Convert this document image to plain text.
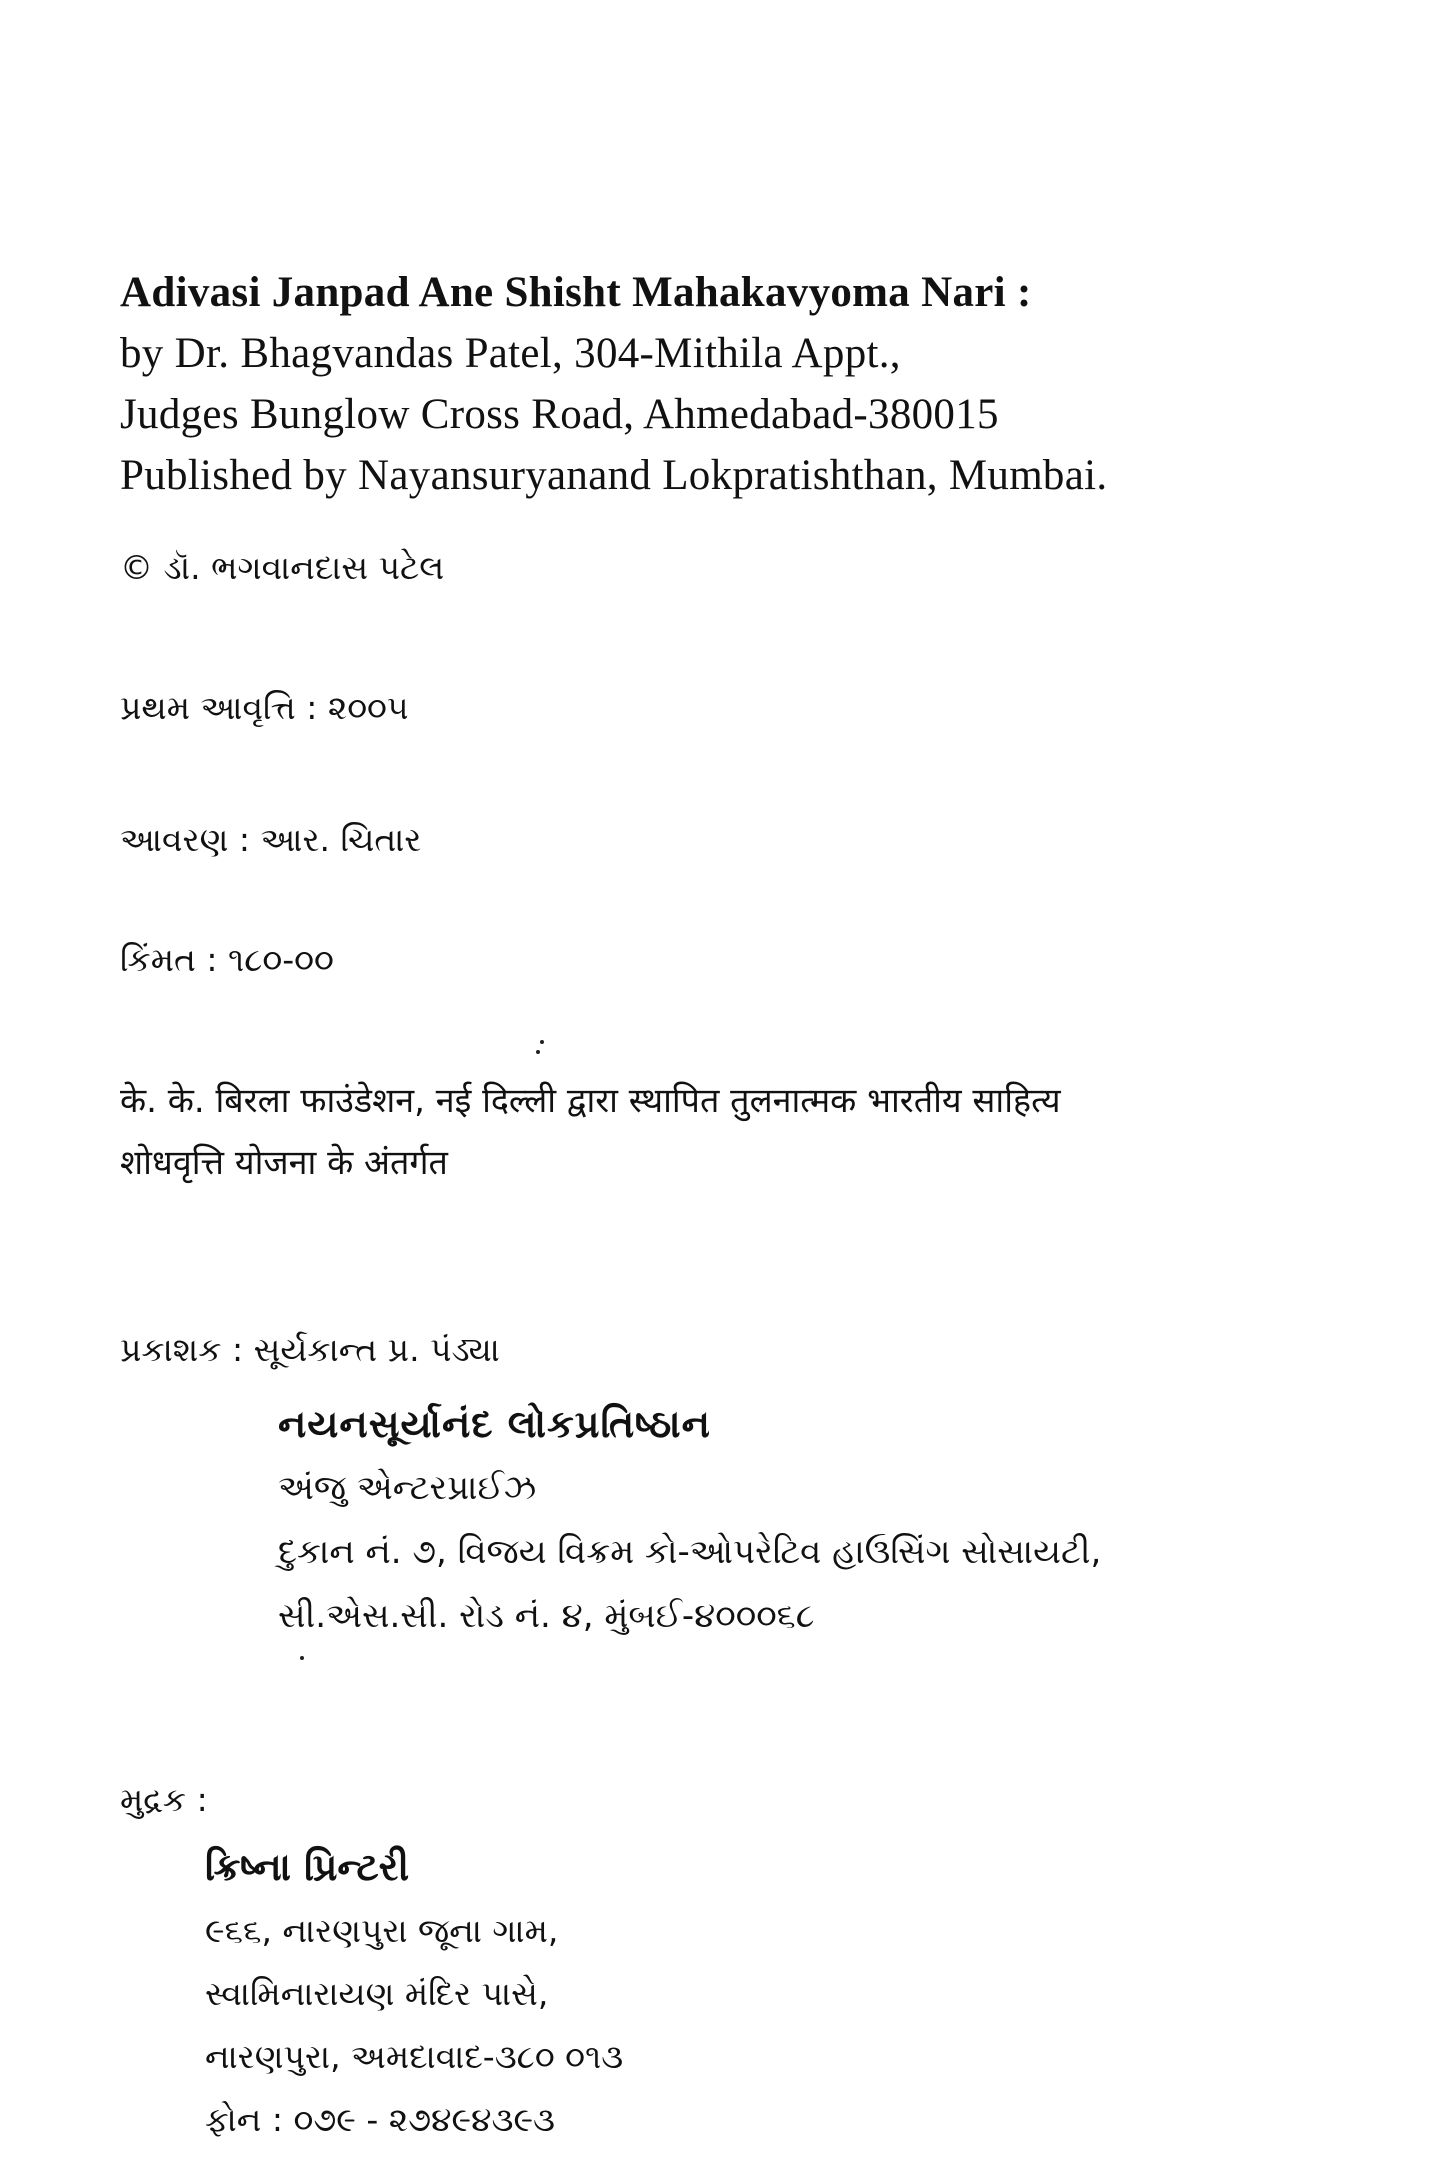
Adivasi Janpad Ane Shisht Mahakavyoma Nari :
by Dr. Bhagvandas Patel, 304-Mithila Appt.,
Judges Bunglow Cross Road, Ahmedabad-380015
Published by Nayansuryanand Lokpratishthan, Mumbai.
© ડૉ. ભગવાનદાસ પટેલ
પ્રથમ આવૃત્તિ : ૨૦૦૫
આવરણ : આર. ચિતાર
કિંમત : ૧૮૦-૦૦
के. के. बिरला फाउंडेशन, नई दिल्ली द्वारा स्थापित तुलनात्मक भारतीय साहित्य
शोधवृत्ति योजना के अंतर्गत
પ્રકાશક : સૂર્યકાન્ત પ્ર. પંડ્યા
નયનસૂર્યાનંદ લોકપ્રતિષ્ઠાન
અંજુ એન્ટરપ્રાઈઝ
દુકાન નં. ૭, વિજય વિક્રમ કો-ઓપરેટિવ હાઉસિંગ સોસાયટી,
સી.એસ.સી. રોડ નં. ૪, મુંબઈ-૪૦૦૦૬૮
મુદ્રક :
ક્રિષ્ના પ્રિન્ટરી
૯૬૬, નારણપુરા જૂના ગામ,
સ્વામિનારાયણ મંદિર પાસે,
નારણપુરા, અમદાવાદ-૩૮૦ ૦૧૩
ફોન : ૦૭૯ - ૨૭૪૯૪૩૯૩
